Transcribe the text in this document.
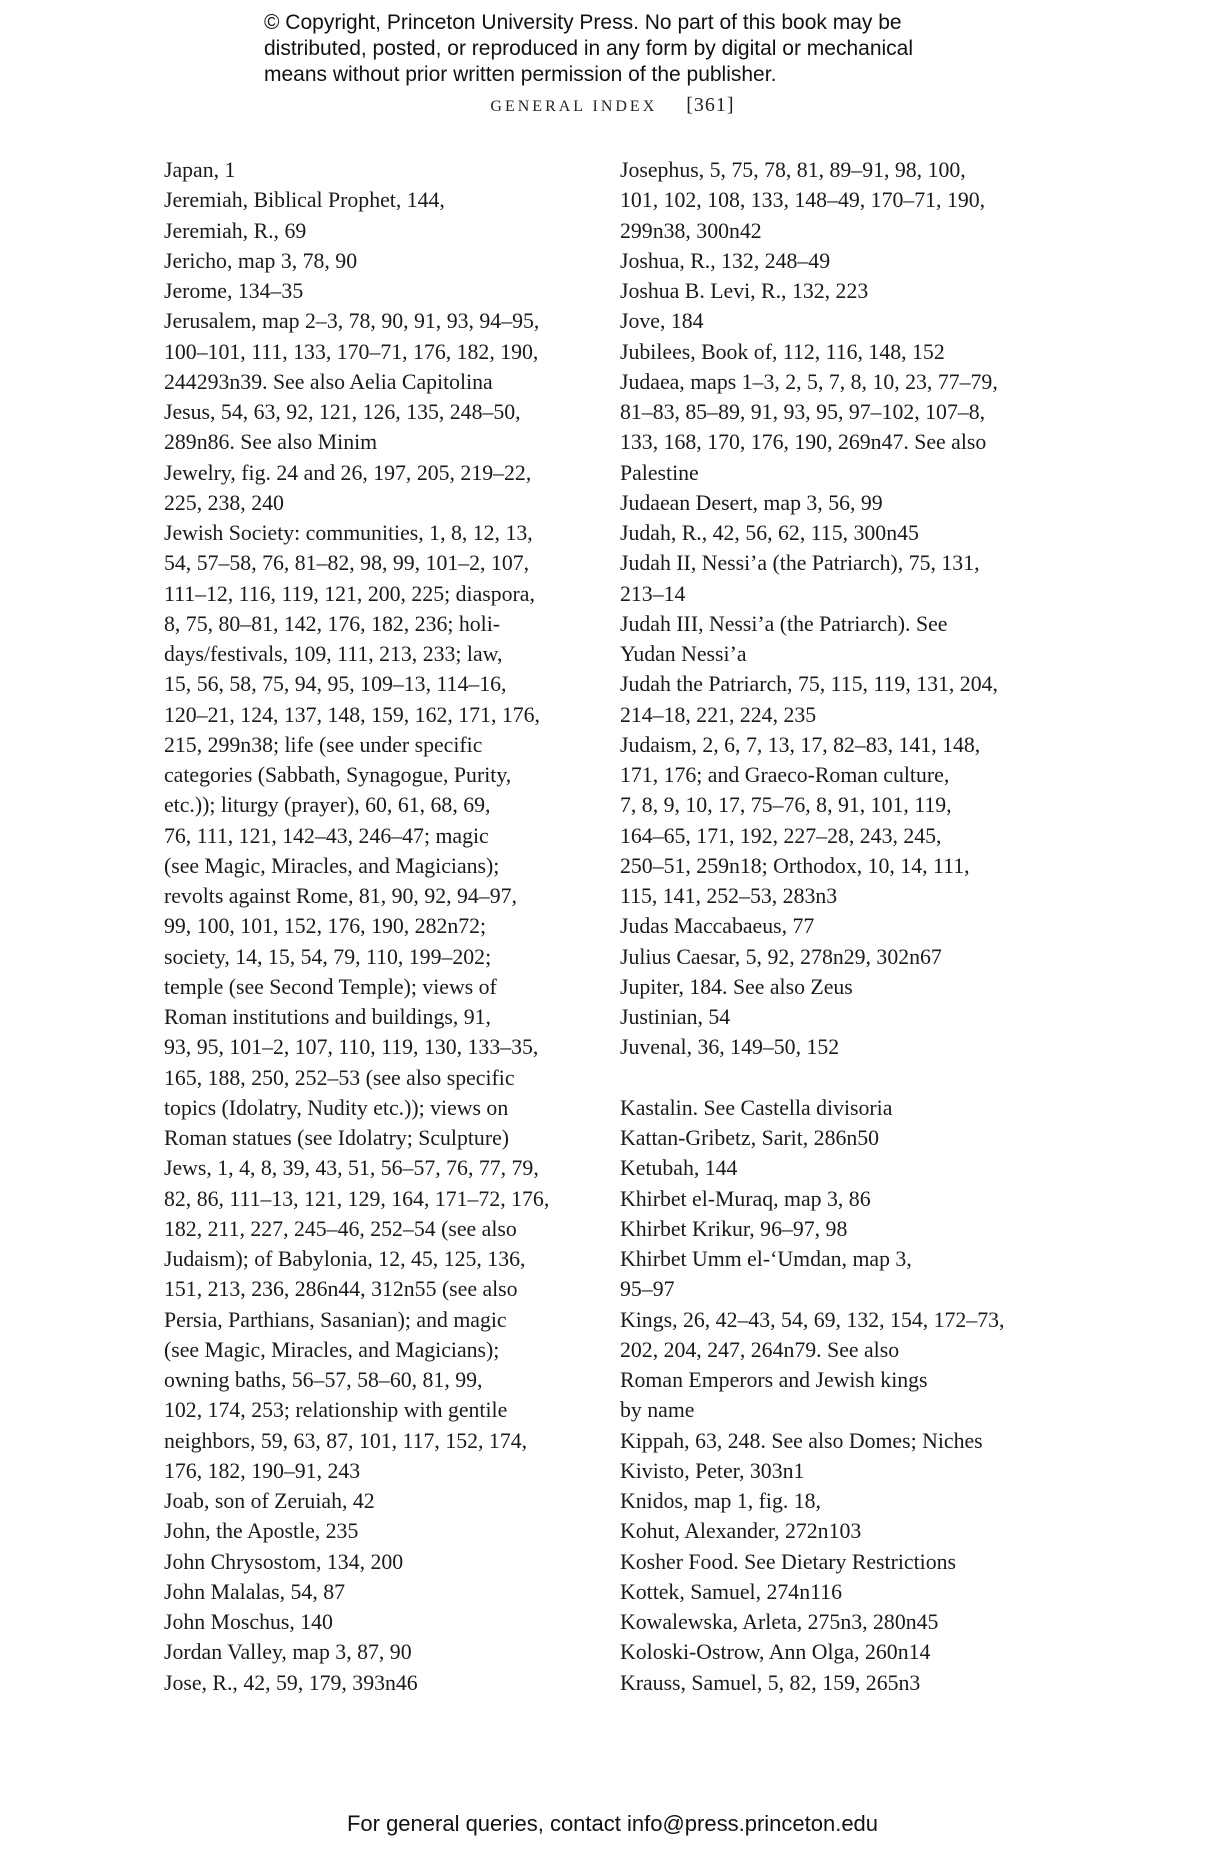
© Copyright, Princeton University Press. No part of this book may be
distributed, posted, or reproduced in any form by digital or mechanical
means without prior written permission of the publisher.
GENERAL INDEX [361]
Japan, 1
Jeremiah, Biblical Prophet, 144,
Jeremiah, R., 69
Jericho, map 3, 78, 90
Jerome, 134–35
Jerusalem, map 2–3, 78, 90, 91, 93, 94–95,
100–101, 111, 133, 170–71, 176, 182, 190,
244293n39. See also Aelia Capitolina
Jesus, 54, 63, 92, 121, 126, 135, 248–50,
289n86. See also Minim
Jewelry, fig. 24 and 26, 197, 205, 219–22,
225, 238, 240
Jewish Society: communities, 1, 8, 12, 13,
54, 57–58, 76, 81–82, 98, 99, 101–2, 107,
111–12, 116, 119, 121, 200, 225; diaspora,
8, 75, 80–81, 142, 176, 182, 236; holi-
days/festivals, 109, 111, 213, 233; law,
15, 56, 58, 75, 94, 95, 109–13, 114–16,
120–21, 124, 137, 148, 159, 162, 171, 176,
215, 299n38; life (see under specific
categories (Sabbath, Synagogue, Purity,
etc.)); liturgy (prayer), 60, 61, 68, 69,
76, 111, 121, 142–43, 246–47; magic
(see Magic, Miracles, and Magicians);
revolts against Rome, 81, 90, 92, 94–97,
99, 100, 101, 152, 176, 190, 282n72;
society, 14, 15, 54, 79, 110, 199–202;
temple (see Second Temple); views of
Roman institutions and buildings, 91,
93, 95, 101–2, 107, 110, 119, 130, 133–35,
165, 188, 250, 252–53 (see also specific
topics (Idolatry, Nudity etc.)); views on
Roman statues (see Idolatry; Sculpture)
Jews, 1, 4, 8, 39, 43, 51, 56–57, 76, 77, 79,
82, 86, 111–13, 121, 129, 164, 171–72, 176,
182, 211, 227, 245–46, 252–54 (see also
Judaism); of Babylonia, 12, 45, 125, 136,
151, 213, 236, 286n44, 312n55 (see also
Persia, Parthians, Sasanian); and magic
(see Magic, Miracles, and Magicians);
owning baths, 56–57, 58–60, 81, 99,
102, 174, 253; relationship with gentile
neighbors, 59, 63, 87, 101, 117, 152, 174,
176, 182, 190–91, 243
Joab, son of Zeruiah, 42
John, the Apostle, 235
John Chrysostom, 134, 200
John Malalas, 54, 87
John Moschus, 140
Jordan Valley, map 3, 87, 90
Jose, R., 42, 59, 179, 393n46
Josephus, 5, 75, 78, 81, 89–91, 98, 100,
101, 102, 108, 133, 148–49, 170–71, 190,
299n38, 300n42
Joshua, R., 132, 248–49
Joshua B. Levi, R., 132, 223
Jove, 184
Jubilees, Book of, 112, 116, 148, 152
Judaea, maps 1–3, 2, 5, 7, 8, 10, 23, 77–79,
81–83, 85–89, 91, 93, 95, 97–102, 107–8,
133, 168, 170, 176, 190, 269n47. See also
Palestine
Judaean Desert, map 3, 56, 99
Judah, R., 42, 56, 62, 115, 300n45
Judah II, Nessi’a (the Patriarch), 75, 131,
213–14
Judah III, Nessi’a (the Patriarch). See
Yudan Nessi’a
Judah the Patriarch, 75, 115, 119, 131, 204,
214–18, 221, 224, 235
Judaism, 2, 6, 7, 13, 17, 82–83, 141, 148,
171, 176; and Graeco-Roman culture,
7, 8, 9, 10, 17, 75–76, 8, 91, 101, 119,
164–65, 171, 192, 227–28, 243, 245,
250–51, 259n18; Orthodox, 10, 14, 111,
115, 141, 252–53, 283n3
Judas Maccabaeus, 77
Julius Caesar, 5, 92, 278n29, 302n67
Jupiter, 184. See also Zeus
Justinian, 54
Juvenal, 36, 149–50, 152
Kastalin. See Castella divisoria
Kattan-Gribetz, Sarit, 286n50
Ketubah, 144
Khirbet el-Muraq, map 3, 86
Khirbet Krikur, 96–97, 98
Khirbet Umm el-‘Umdan, map 3,
95–97
Kings, 26, 42–43, 54, 69, 132, 154, 172–73,
202, 204, 247, 264n79. See also
Roman Emperors and Jewish kings
by name
Kippah, 63, 248. See also Domes; Niches
Kivisto, Peter, 303n1
Knidos, map 1, fig. 18,
Kohut, Alexander, 272n103
Kosher Food. See Dietary Restrictions
Kottek, Samuel, 274n116
Kowalewska, Arleta, 275n3, 280n45
Koloski-Ostrow, Ann Olga, 260n14
Krauss, Samuel, 5, 82, 159, 265n3
For general queries, contact info@press.princeton.edu
